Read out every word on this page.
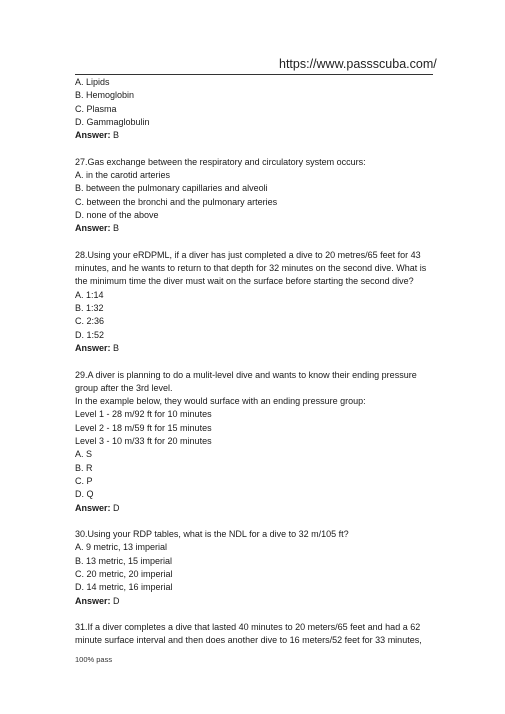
https://www.passscuba.com/
A. Lipids
B. Hemoglobin
C. Plasma
D. Gammaglobulin
Answer: B
27.Gas exchange between the respiratory and circulatory system occurs:
A. in the carotid arteries
B. between the pulmonary capillaries and alveoli
C. between the bronchi and the pulmonary arteries
D. none of the above
Answer: B
28.Using your eRDPML, if a diver has just completed a dive to 20 metres/65 feet for 43
minutes, and he wants to return to that depth for 32 minutes on the second dive. What is
the minimum time the diver must wait on the surface before starting the second dive?
A. 1:14
B. 1:32
C. 2:36
D. 1:52
Answer: B
29.A diver is planning to do a mulit-level dive and wants to know their ending pressure
group after the 3rd level.
In the example below, they would surface with an ending pressure group:
Level 1 - 28 m/92 ft for 10 minutes
Level 2 - 18 m/59 ft for 15 minutes
Level 3 - 10 m/33 ft for 20 minutes
A. S
B. R
C. P
D. Q
Answer: D
30.Using your RDP tables, what is the NDL for a dive to 32 m/105 ft?
A. 9 metric, 13 imperial
B. 13 metric, 15 imperial
C. 20 metric, 20 imperial
D. 14 metric, 16 imperial
Answer: D
31.If a diver completes a dive that lasted 40 minutes to 20 meters/65 feet and had a 62
minute surface interval and then does another dive to 16 meters/52 feet for 33 minutes,
100% pass
